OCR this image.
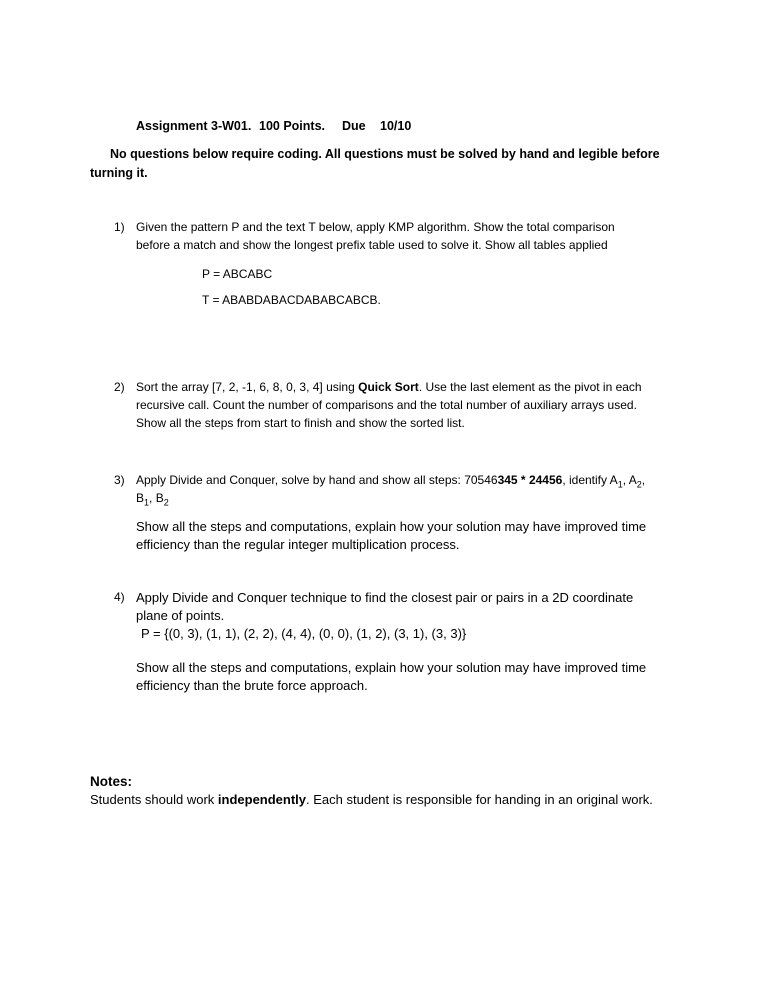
Assignment 3-W01. 100 Points. Due 10/10
No questions below require coding. All questions must be solved by hand and legible before
turning it.
1) Given the pattern P and the text T below, apply KMP algorithm. Show the total comparison
before a match and show the longest prefix table used to solve it. Show all tables applied
P = ABCABC
T = ABABDABACDABABCABCB.
2) Sort the array [7, 2, -1, 6, 8, 0, 3, 4] using Quick Sort. Use the last element as the pivot in each
recursive call. Count the number of comparisons and the total number of auxiliary arrays used.
Show all the steps from start to finish and show the sorted list.
3) Apply Divide and Conquer, solve by hand and show all steps: 70546345 * 24456, identify $A_1$, $A_2$,
$B_1$, $B_2$
Show all the steps and computations, explain how your solution may have improved time
efficiency than the regular integer multiplication process.
4) Apply Divide and Conquer technique to find the closest pair or pairs in a 2D coordinate
plane of points.
P = {(0, 3), (1, 1), (2, 2), (4, 4), (0, 0), (1, 2), (3, 1), (3, 3)}
Show all the steps and computations, explain how your solution may have improved time
efficiency than the brute force approach.
Notes:
Students should work independently. Each student is responsible for handing in an original work.
